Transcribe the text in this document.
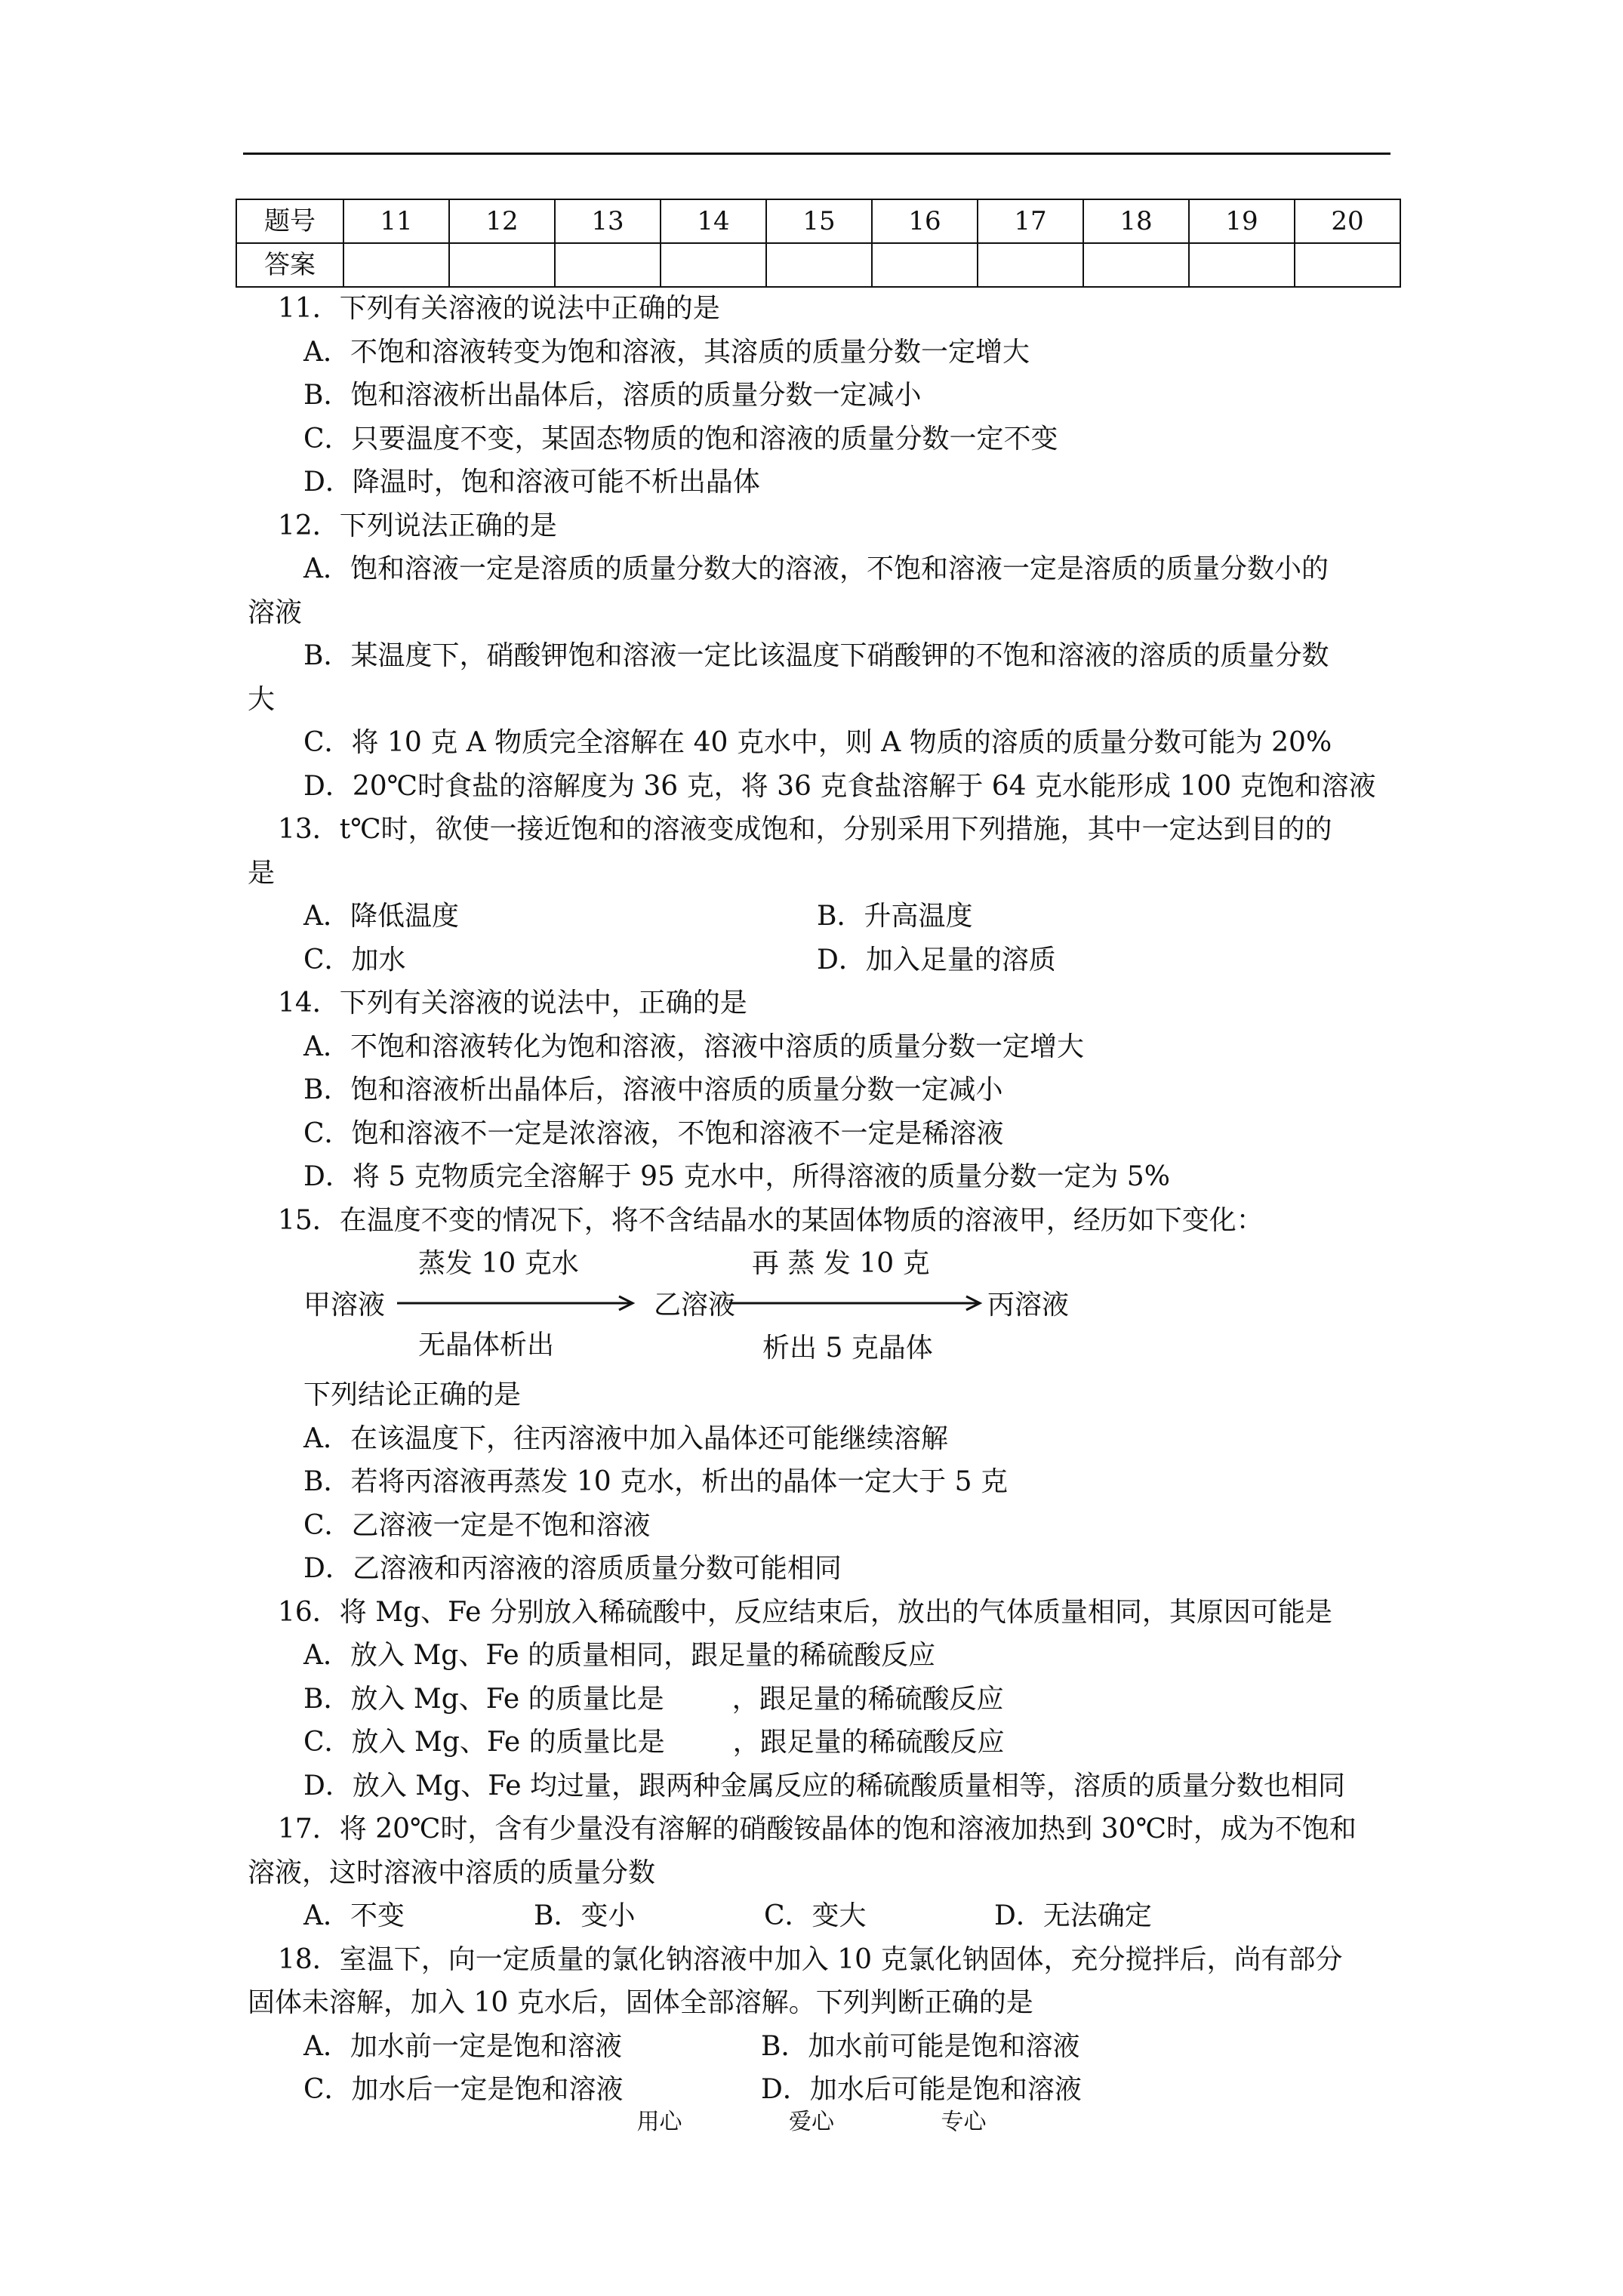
题号	11	12	13	14	15	16	17	18	19	20
答案										
11．下列有关溶液的说法中正确的是
A．不饱和溶液转变为饱和溶液，其溶质的质量分数一定增大
B．饱和溶液析出晶体后，溶质的质量分数一定减小
C．只要温度不变，某固态物质的饱和溶液的质量分数一定不变
D．降温时，饱和溶液可能不析出晶体
12．下列说法正确的是
A．饱和溶液一定是溶质的质量分数大的溶液，不饱和溶液一定是溶质的质量分数小的
溶液
B．某温度下，硝酸钾饱和溶液一定比该温度下硝酸钾的不饱和溶液的溶质的质量分数
大
C．将 10 克 A 物质完全溶解在 40 克水中，则 A 物质的溶质的质量分数可能为 20%
D．20℃时食盐的溶解度为 36 克，将 36 克食盐溶解于 64 克水能形成 100 克饱和溶液
13．t℃时，欲使一接近饱和的溶液变成饱和，分别采用下列措施，其中一定达到目的的
是
A．降低温度	B．升高温度
C．加水	D．加入足量的溶质
14．下列有关溶液的说法中，正确的是
A．不饱和溶液转化为饱和溶液，溶液中溶质的质量分数一定增大
B．饱和溶液析出晶体后，溶液中溶质的质量分数一定减小
C．饱和溶液不一定是浓溶液，不饱和溶液不一定是稀溶液
D．将 5 克物质完全溶解于 95 克水中，所得溶液的质量分数一定为 5%
15．在温度不变的情况下，将不含结晶水的某固体物质的溶液甲，经历如下变化：
甲溶液
蒸发 10 克水
无晶体析出
乙溶液
再 蒸 发 10 克
析出 5 克晶体
丙溶液
下列结论正确的是
A．在该温度下，往丙溶液中加入晶体还可能继续溶解
B．若将丙溶液再蒸发 10 克水，析出的晶体一定大于 5 克
C．乙溶液一定是不饱和溶液
D．乙溶液和丙溶液的溶质质量分数可能相同
16．将 Mg、Fe 分别放入稀硫酸中，反应结束后，放出的气体质量相同，其原因可能是
A．放入 Mg、Fe 的质量相同，跟足量的稀硫酸反应
B．放入 Mg、Fe 的质量比是	，跟足量的稀硫酸反应
C．放入 Mg、Fe 的质量比是	，跟足量的稀硫酸反应
D．放入 Mg、Fe 均过量，跟两种金属反应的稀硫酸质量相等，溶质的质量分数也相同
17．将 20℃时，含有少量没有溶解的硝酸铵晶体的饱和溶液加热到 30℃时，成为不饱和
溶液，这时溶液中溶质的质量分数
A．不变	B．变小	C．变大	D．无法确定
18．室温下，向一定质量的氯化钠溶液中加入 10 克氯化钠固体，充分搅拌后，尚有部分
固体未溶解，加入 10 克水后，固体全部溶解。下列判断正确的是
A．加水前一定是饱和溶液	B．加水前可能是饱和溶液
C．加水后一定是饱和溶液	D．加水后可能是饱和溶液
用心	爱心	专心
